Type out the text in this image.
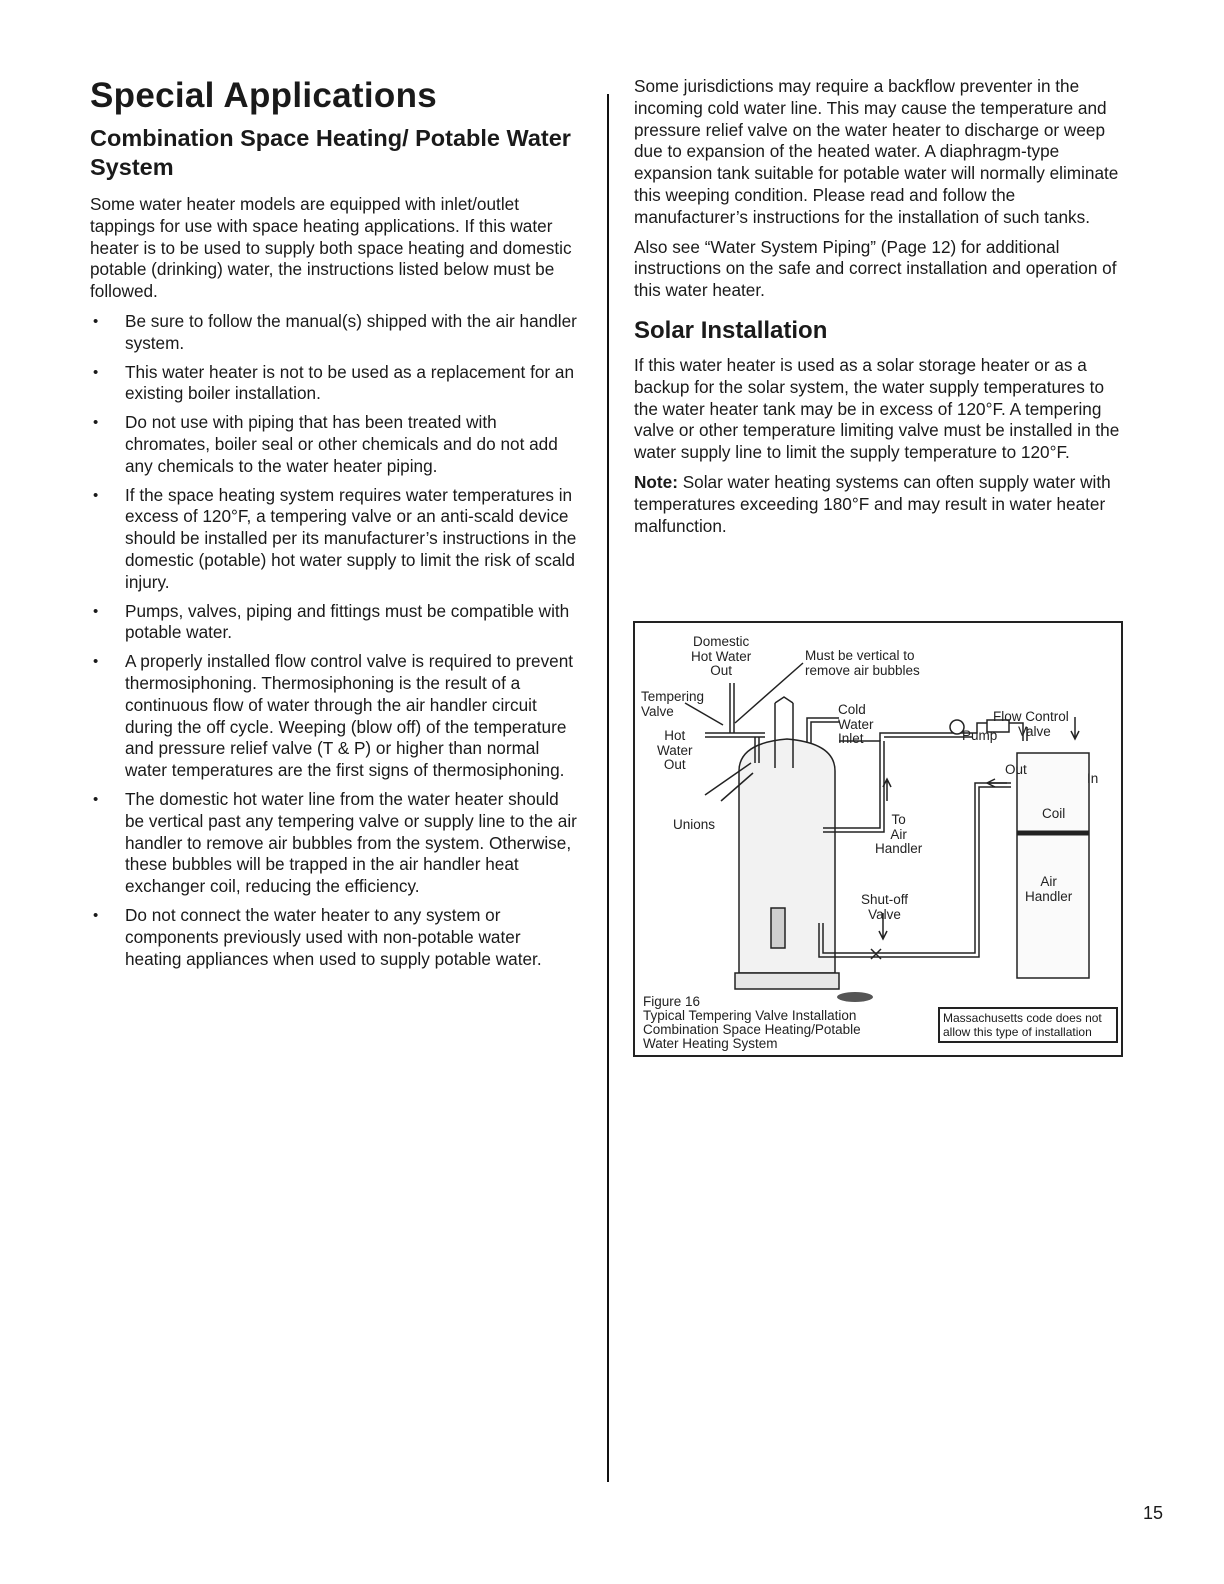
Special Applications
Combination Space Heating/ Potable Water System

Some water heater models are equipped with inlet/outlet tappings for use with space heating applications. If this water heater is to be used to supply both space heating and domestic potable (drinking) water, the instructions listed below must be followed.

• Be sure to follow the manual(s) shipped with the air handler system.
• This water heater is not to be used as a replacement for an existing boiler installation.
• Do not use with piping that has been treated with chromates, boiler seal or other chemicals and do not add any chemicals to the water heater piping.
• If the space heating system requires water temperatures in excess of 120°F, a tempering valve or an anti-scald device should be installed per its manufacturer’s instructions in the domestic (potable) hot water supply to limit the risk of scald injury.
• Pumps, valves, piping and fittings must be compatible with potable water.
• A properly installed flow control valve is required to prevent thermosiphoning. Thermosiphoning is the result of a continuous flow of water through the air handler circuit during the off cycle. Weeping (blow off) of the temperature and pressure relief valve (T & P) or higher than normal water temperatures are the first signs of thermosiphoning.
• The domestic hot water line from the water heater should be vertical past any tempering valve or supply line to the air handler to remove air bubbles from the system. Otherwise, these bubbles will be trapped in the air handler heat exchanger coil, reducing the efficiency.
• Do not connect the water heater to any system or components previously used with non-potable water heating appliances when used to supply potable water.

Some jurisdictions may require a backflow preventer in the incoming cold water line. This may cause the temperature and pressure relief valve on the water heater to discharge or weep due to expansion of the heated water. A diaphragm-type expansion tank suitable for potable water will normally eliminate this weeping condition. Please read and follow the manufacturer’s instructions for the installation of such tanks.

Also see “Water System Piping” (Page 12) for additional instructions on the safe and correct installation and operation of this water heater.

Solar Installation

If this water heater is used as a solar storage heater or as a backup for the solar system, the water supply temperatures to the water heater tank may be in excess of 120°F. A tempering valve or other temperature limiting valve must be installed in the water supply line to limit the supply temperature to 120°F.

Note: Solar water heating systems can often supply water with temperatures exceeding 180°F and may result in water heater malfunction.

Domestic
Hot Water
Out
Must be vertical to
remove air bubbles
Tempering
Valve	Cold
Water
Inlet
Flow Control
Pump Valve
Hot
Water
Out	Out
In
Unions	To
Air
Handler
Coil
Air
Handler
Shut-off
Valve
Figure 16
Typical Tempering Valve Installation
Combination Space Heating/Potable
Water Heating System
Massachusetts code does not
allow this type of installation
15
